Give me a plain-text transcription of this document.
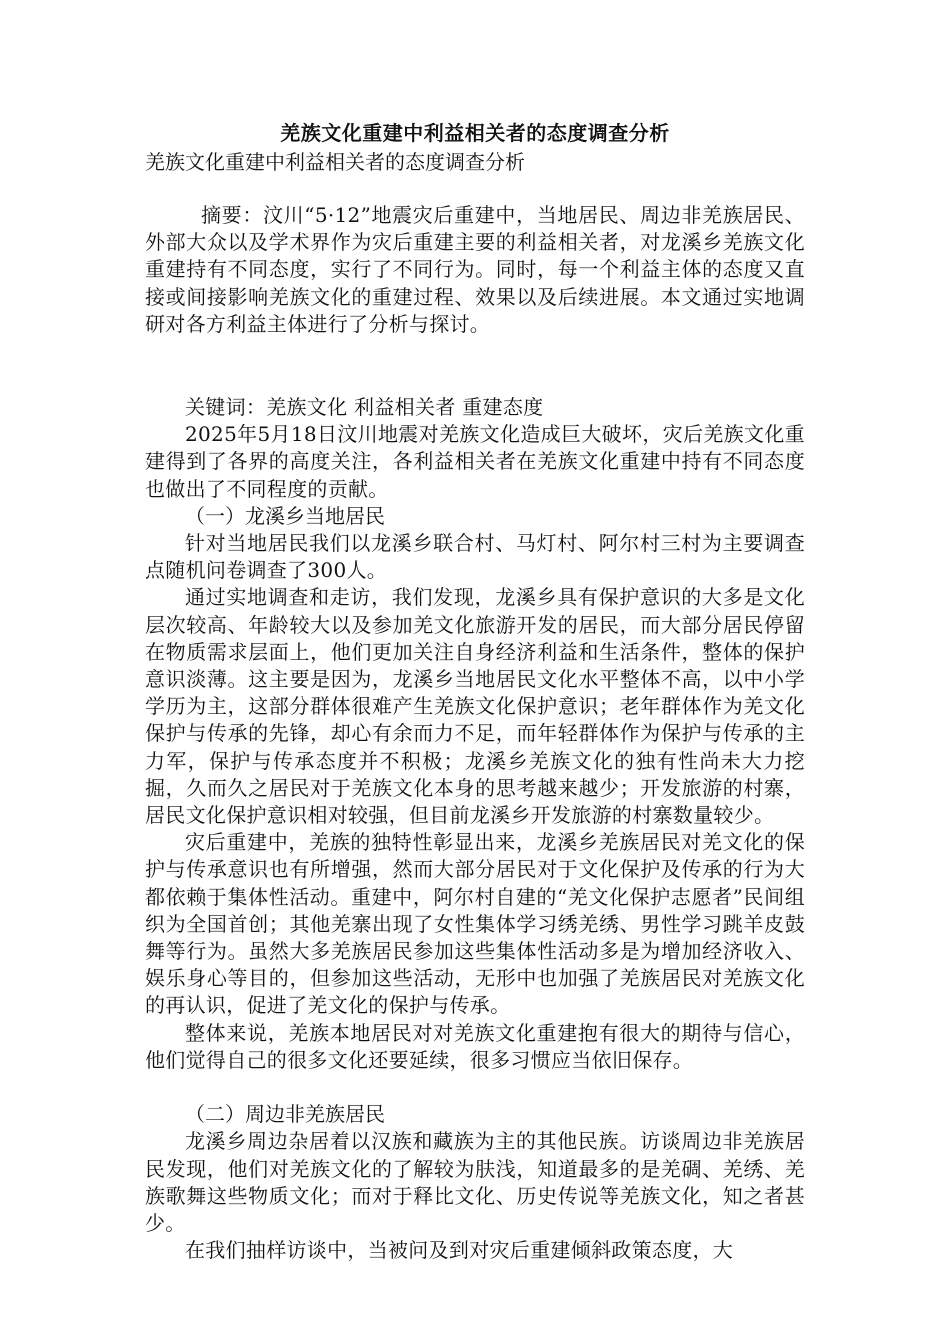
羌族文化重建中利益相关者的态度调查分析

羌族文化重建中利益相关者的态度调查分析

摘要：汶川“5·12”地震灾后重建中，当地居民、周边非羌族居民、外部大众以及学术界作为灾后重建主要的利益相关者，对龙溪乡羌族文化重建持有不同态度，实行了不同行为。同时，每一个利益主体的态度又直接或间接影响羌族文化的重建过程、效果以及后续进展。本文通过实地调研对各方利益主体进行了分析与探讨。

关键词：羌族文化 利益相关者 重建态度

2025年5月18日汶川地震对羌族文化造成巨大破坏，灾后羌族文化重建得到了各界的高度关注，各利益相关者在羌族文化重建中持有不同态度也做出了不同程度的贡献。

（一）龙溪乡当地居民

针对当地居民我们以龙溪乡联合村、马灯村、阿尔村三村为主要调查点随机问卷调查了300人。

通过实地调查和走访，我们发现，龙溪乡具有保护意识的大多是文化层次较高、年龄较大以及参加羌文化旅游开发的居民，而大部分居民停留在物质需求层面上，他们更加关注自身经济利益和生活条件，整体的保护意识淡薄。这主要是因为，龙溪乡当地居民文化水平整体不高，以中小学学历为主，这部分群体很难产生羌族文化保护意识；老年群体作为羌文化保护与传承的先锋，却心有余而力不足，而年轻群体作为保护与传承的主力军，保护与传承态度并不积极；龙溪乡羌族文化的独有性尚未大力挖掘，久而久之居民对于羌族文化本身的思考越来越少；开发旅游的村寨，居民文化保护意识相对较强，但目前龙溪乡开发旅游的村寨数量较少。

灾后重建中，羌族的独特性彰显出来，龙溪乡羌族居民对羌文化的保护与传承意识也有所增强，然而大部分居民对于文化保护及传承的行为大都依赖于集体性活动。重建中，阿尔村自建的“羌文化保护志愿者”民间组织为全国首创；其他羌寨出现了女性集体学习绣羌绣、男性学习跳羊皮鼓舞等行为。虽然大多羌族居民参加这些集体性活动多是为增加经济收入、娱乐身心等目的，但参加这些活动，无形中也加强了羌族居民对羌族文化的再认识，促进了羌文化的保护与传承。

整体来说，羌族本地居民对对羌族文化重建抱有很大的期待与信心，他们觉得自己的很多文化还要延续，很多习惯应当依旧保存。

（二）周边非羌族居民

龙溪乡周边杂居着以汉族和藏族为主的其他民族。访谈周边非羌族居民发现，他们对羌族文化的了解较为肤浅，知道最多的是羌碉、羌绣、羌族歌舞这些物质文化；而对于释比文化、历史传说等羌族文化，知之者甚少。

在我们抽样访谈中，当被问及到对灾后重建倾斜政策态度，大
